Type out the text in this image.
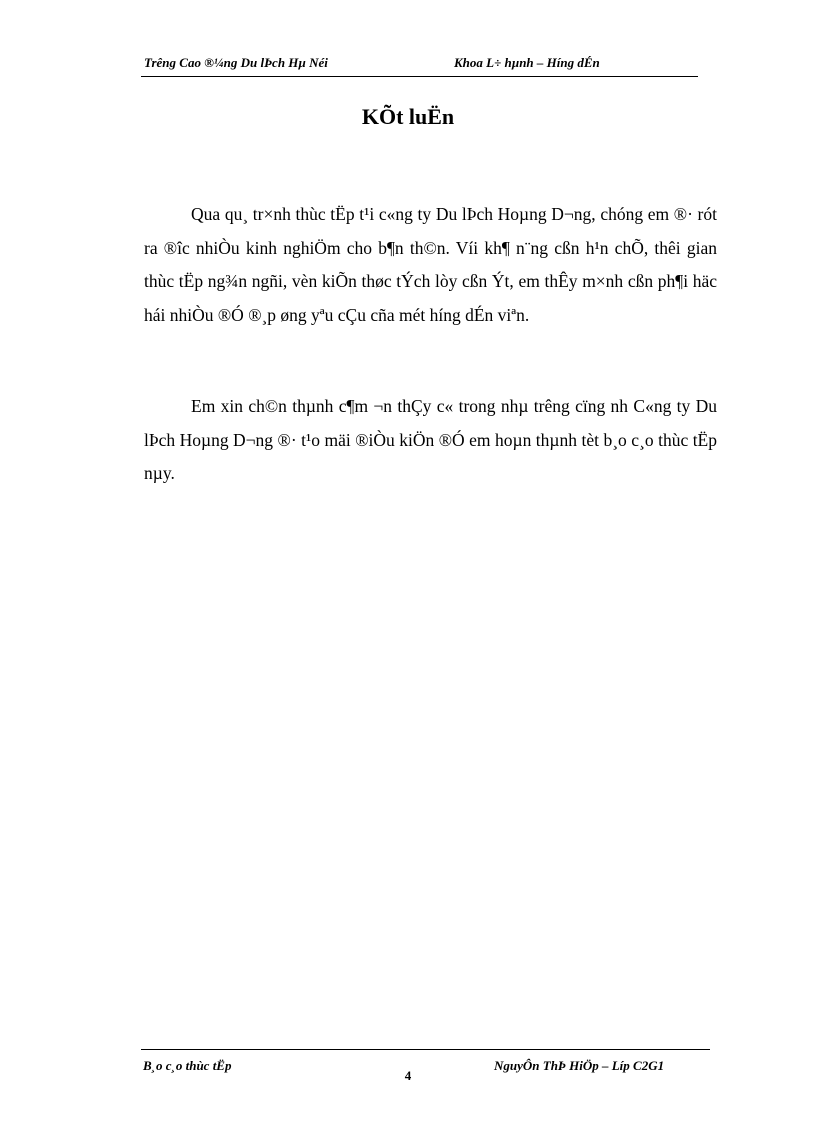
Trêng Cao ®¼ng Du lÞch Hµ Néi	Khoa L÷ hµnh – Híng dÉn
KÕt luËn

Qua qu¸ tr×nh thùc tËp t¹i c«ng ty Du lÞch Hoµng D¬ng, chóng em ®· rót ra ®îc nhiÒu kinh nghiÖm cho b¶n th©n. Víi kh¶ n¨ng cßn h¹n chÕ, thêi gian thùc tËp ng¾n ngñi, vèn kiÕn thøc tÝch lòy cßn Ýt, em thÊy m×nh cßn ph¶i häc hái nhiÒu ®Ó ®¸p øng yªu cÇu cña mét híng dÉn viªn.

Em xin ch©n thµnh c¶m ¬n thÇy c« trong nhµ trêng cïng nh C«ng ty Du lÞch Hoµng D¬ng ®· t¹o mäi ®iÒu kiÖn ®Ó em hoµn thµnh tèt b¸o c¸o thùc tËp nµy.

B¸o c¸o thùc tËp	NguyÔn ThÞ HiÖp – Líp C2G1
4
